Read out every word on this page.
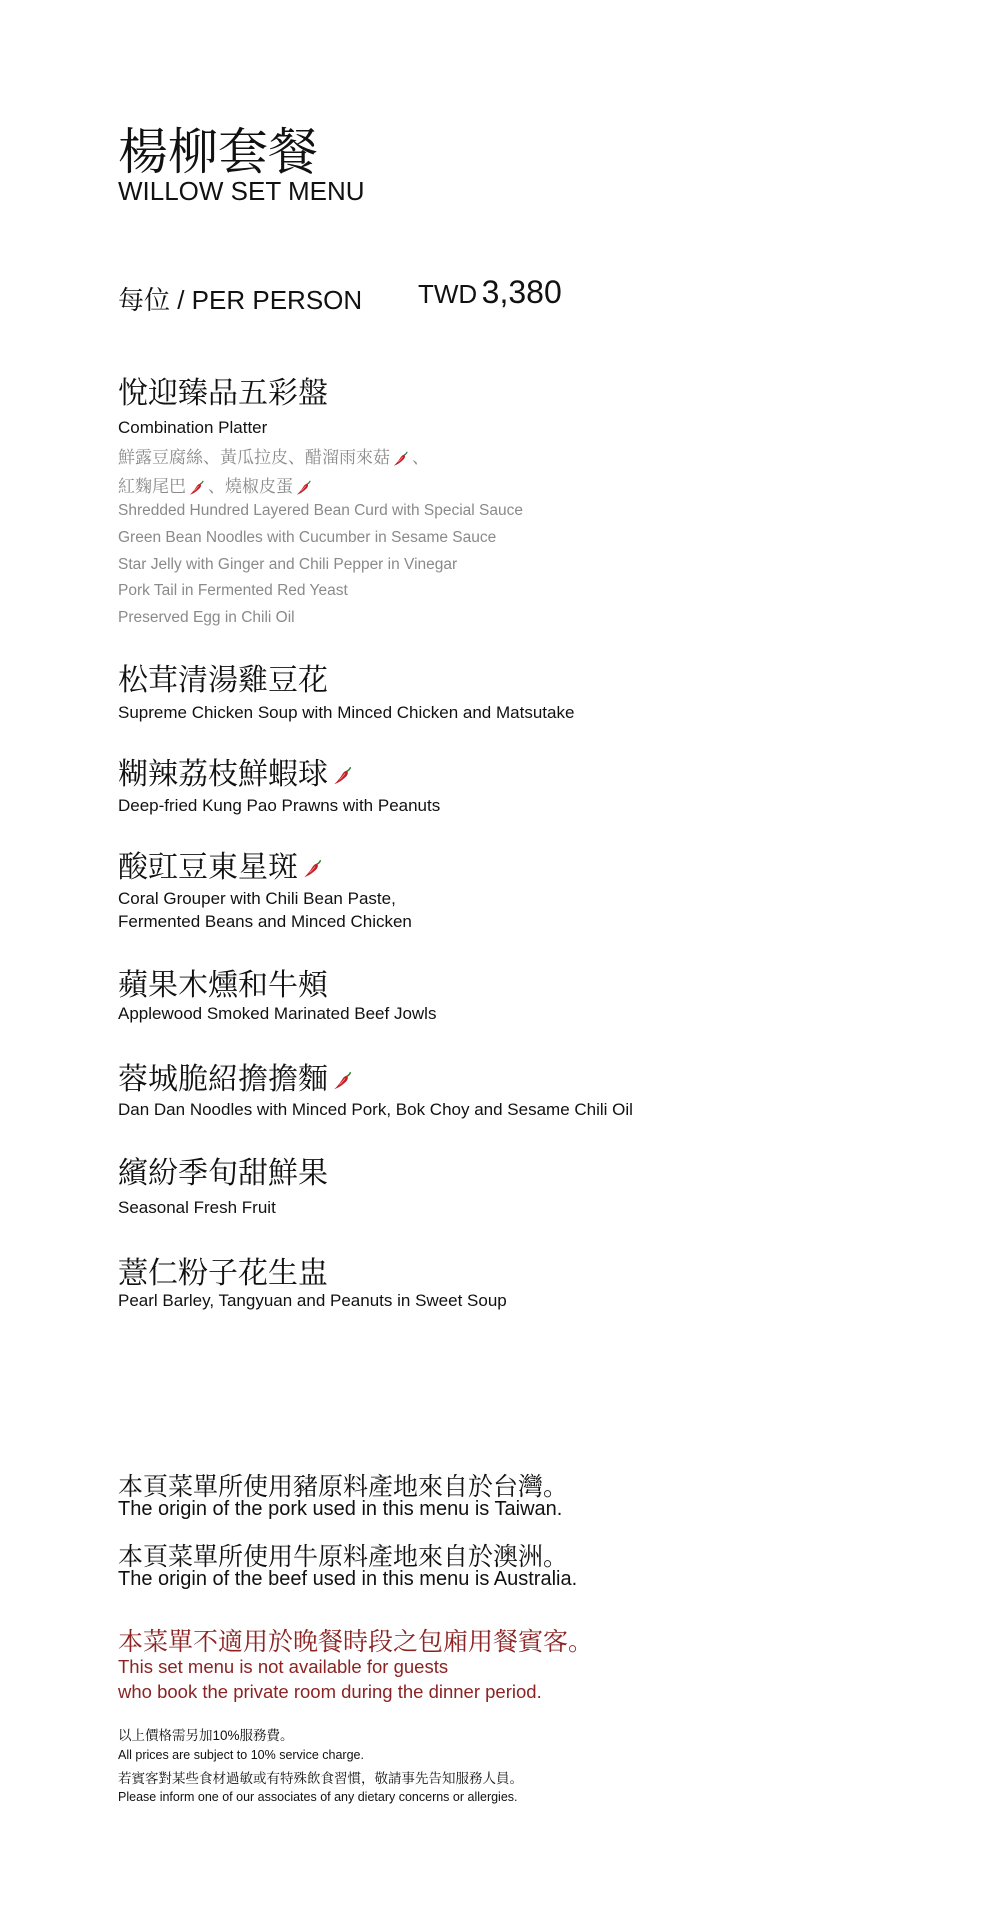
楊柳套餐
WILLOW SET MENU
每位 / PER PERSON TWD 3,380
悅迎臻品五彩盤
Combination Platter
鮮露豆腐絲、黃瓜拉皮、醋溜雨來菇 、
紅麴尾巴 、燒椒皮蛋
Shredded Hundred Layered Bean Curd with Special Sauce
Green Bean Noodles with Cucumber in Sesame Sauce
Star Jelly with Ginger and Chili Pepper in Vinegar
Pork Tail in Fermented Red Yeast
Preserved Egg in Chili Oil
松茸清湯雞豆花
Supreme Chicken Soup with Minced Chicken and Matsutake
糊辣荔枝鮮蝦球
Deep-fried Kung Pao Prawns with Peanuts
酸豇豆東星斑
Coral Grouper with Chili Bean Paste,
Fermented Beans and Minced Chicken
蘋果木燻和牛頰
Applewood Smoked Marinated Beef Jowls
蓉城脆紹擔擔麵
Dan Dan Noodles with Minced Pork, Bok Choy and Sesame Chili Oil
繽紛季旬甜鮮果
Seasonal Fresh Fruit
薏仁粉子花生盅
Pearl Barley, Tangyuan and Peanuts in Sweet Soup
本頁菜單所使用豬原料產地來自於台灣。
The origin of the pork used in this menu is Taiwan.
本頁菜單所使用牛原料產地來自於澳洲。
The origin of the beef used in this menu is Australia.
本菜單不適用於晚餐時段之包廂用餐賓客。
This set menu is not available for guests
who book the private room during the dinner period.
以上價格需另加10%服務費。
All prices are subject to 10% service charge.
若賓客對某些食材過敏或有特殊飲食習慣，敬請事先告知服務人員。
Please inform one of our associates of any dietary concerns or allergies.
